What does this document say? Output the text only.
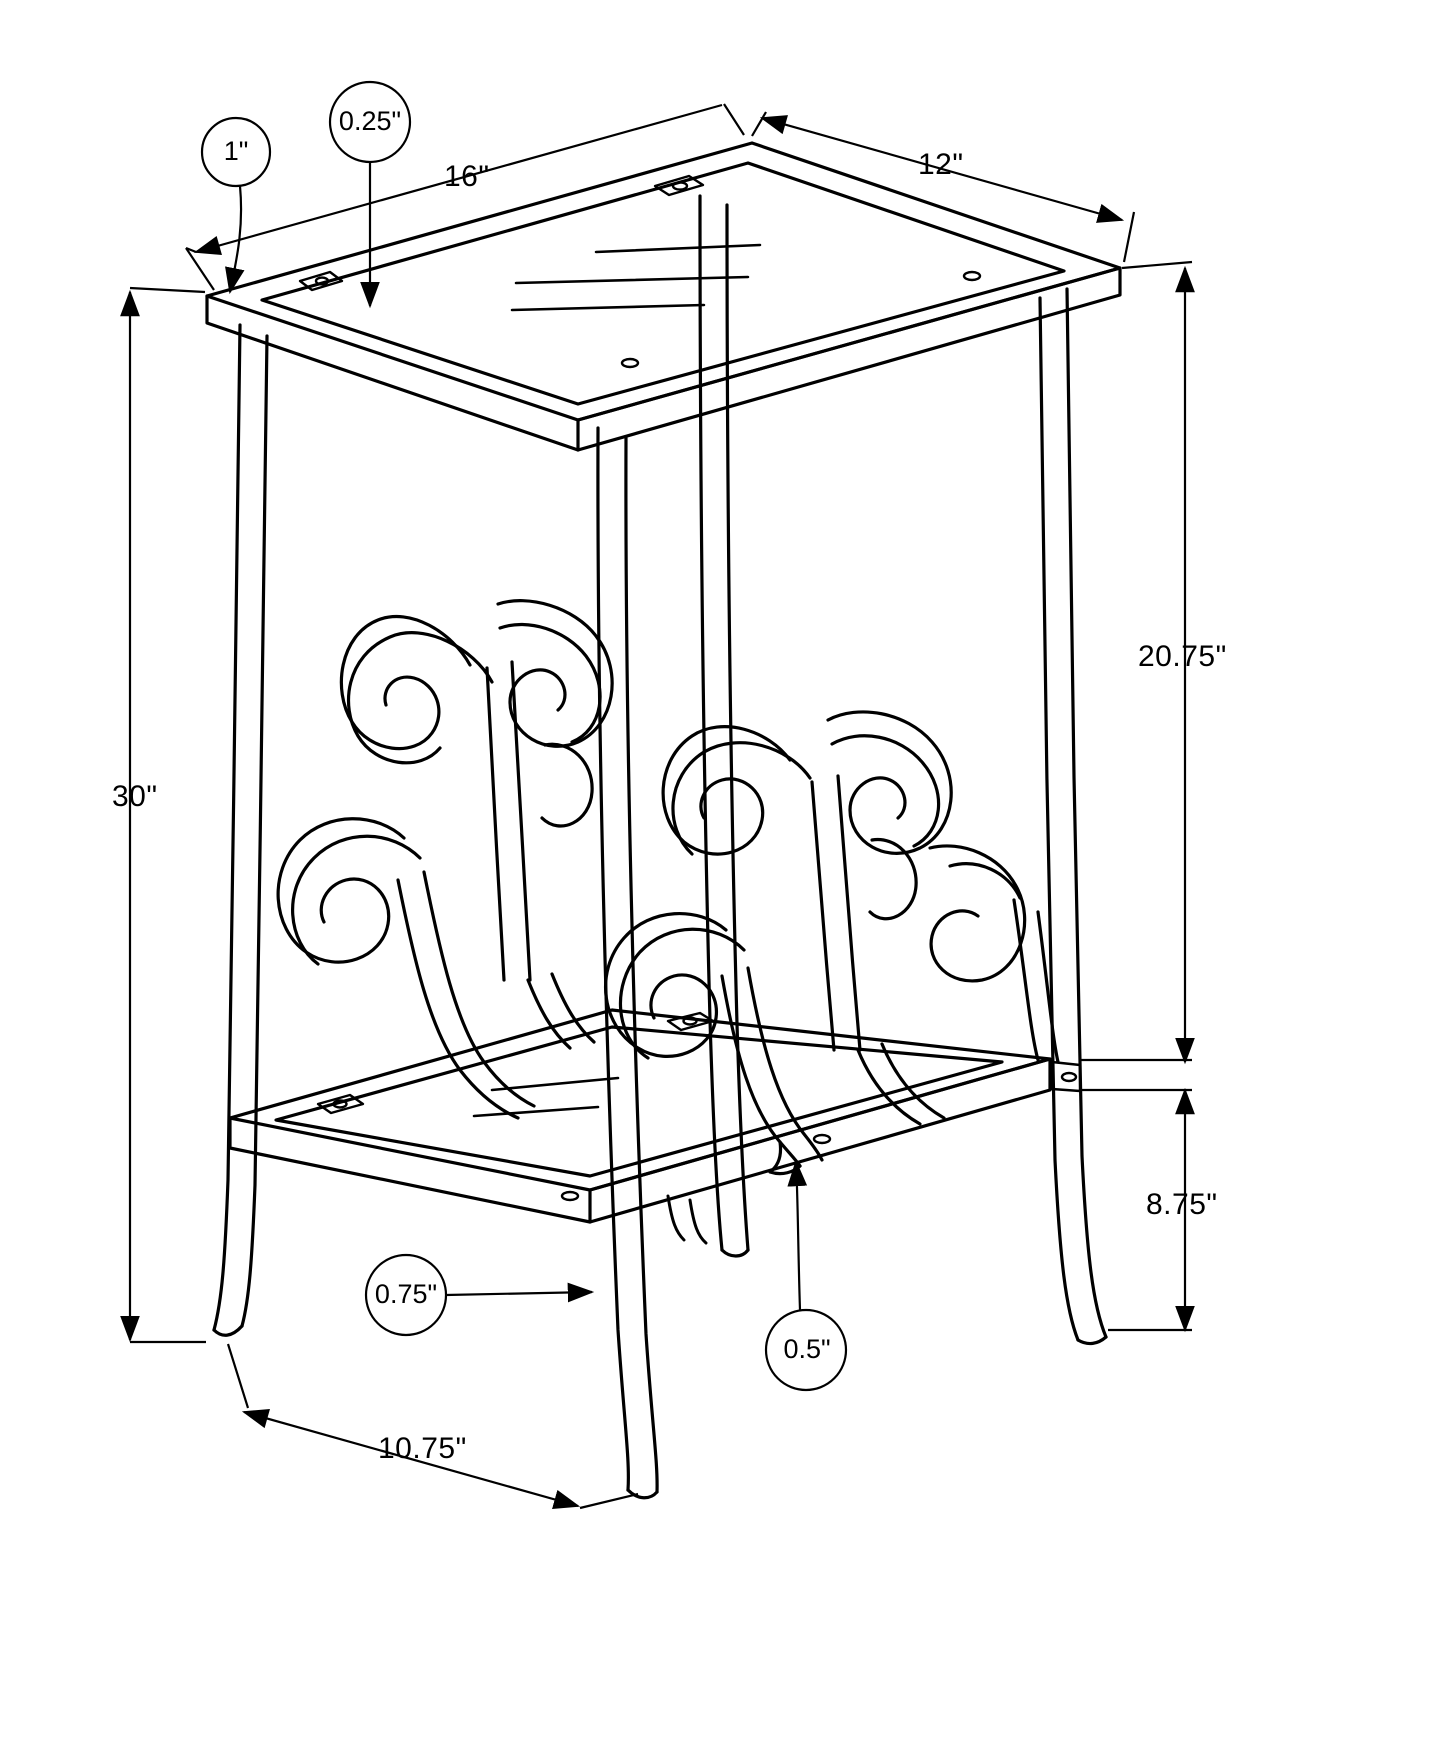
16"	12"
30"
20.75"
8.75"
10.75"
1"
0.25"
0.75"
0.5"
